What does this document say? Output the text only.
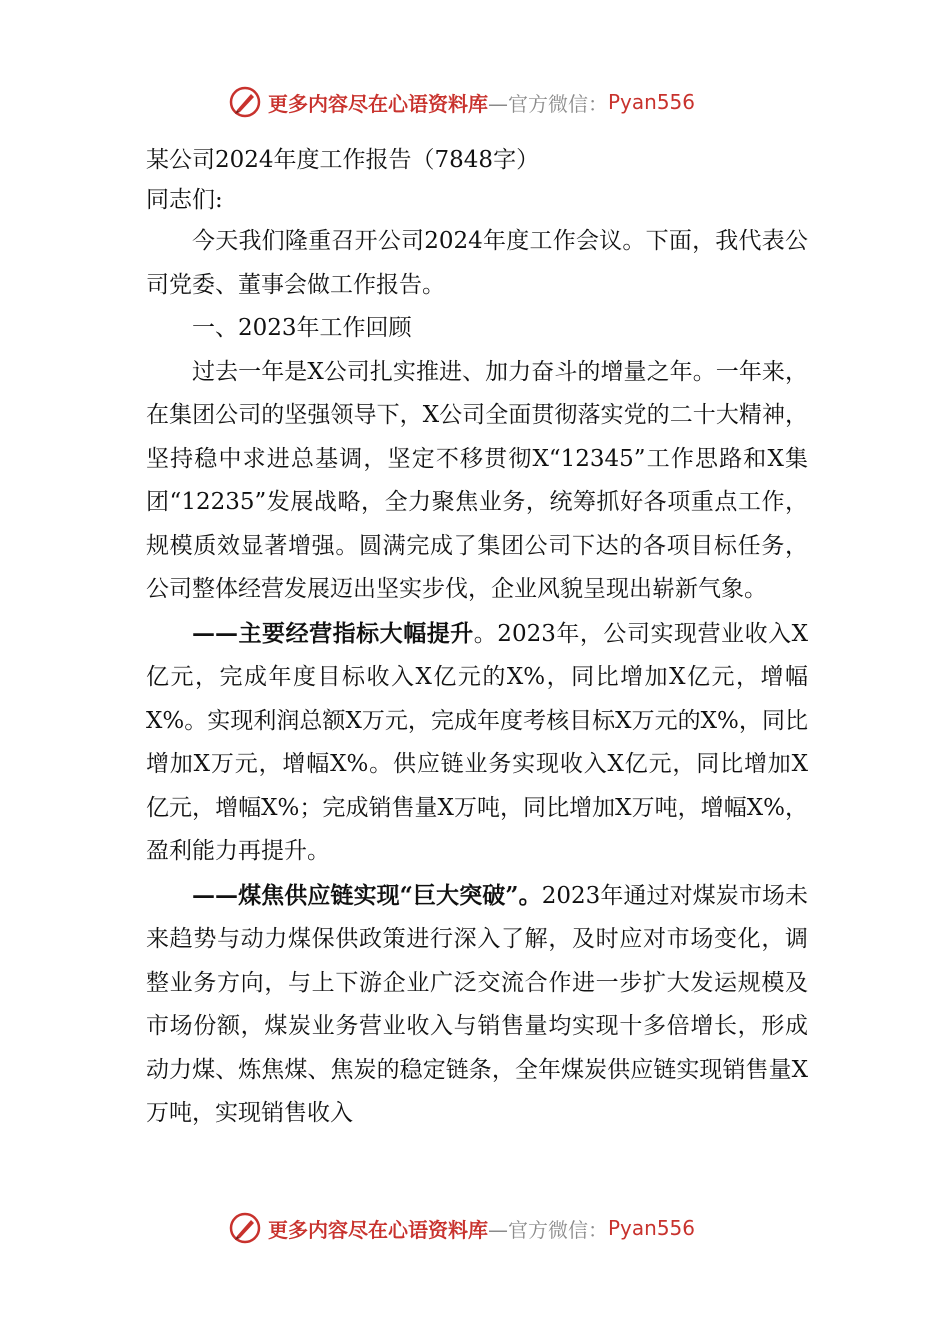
更多内容尽在心语资料库 —官方微信： Pyan556

某公司2024年度工作报告（7848字）

同志们:

今天我们隆重召开公司2024年度工作会议。下面，我代表公司党委、董事会做工作报告。

一、2023年工作回顾

过去一年是X公司扎实推进、加力奋斗的增量之年。一年来，在集团公司的坚强领导下，X公司全面贯彻落实党的二十大精神，坚持稳中求进总基调，坚定不移贯彻X“12345”工作思路和X集团“12235”发展战略，全力聚焦业务，统筹抓好各项重点工作，规模质效显著增强。圆满完成了集团公司下达的各项目标任务，公司整体经营发展迈出坚实步伐，企业风貌呈现出崭新气象。

——主要经营指标大幅提升。2023年，公司实现营业收入X亿元，完成年度目标收入X亿元的X%，同比增加X亿元，增幅X%。实现利润总额X万元，完成年度考核目标X万元的X%，同比增加X万元，增幅X%。供应链业务实现收入X亿元，同比增加X亿元，增幅X%；完成销售量X万吨，同比增加X万吨，增幅X%，盈利能力再提升。

——煤焦供应链实现“巨大突破”。2023年通过对煤炭市场未来趋势与动力煤保供政策进行深入了解，及时应对市场变化，调整业务方向，与上下游企业广泛交流合作进一步扩大发运规模及市场份额，煤炭业务营业收入与销售量均实现十多倍增长，形成动力煤、炼焦煤、焦炭的稳定链条，全年煤炭供应链实现销售量X万吨，实现销售收入

更多内容尽在心语资料库 —官方微信： Pyan556
